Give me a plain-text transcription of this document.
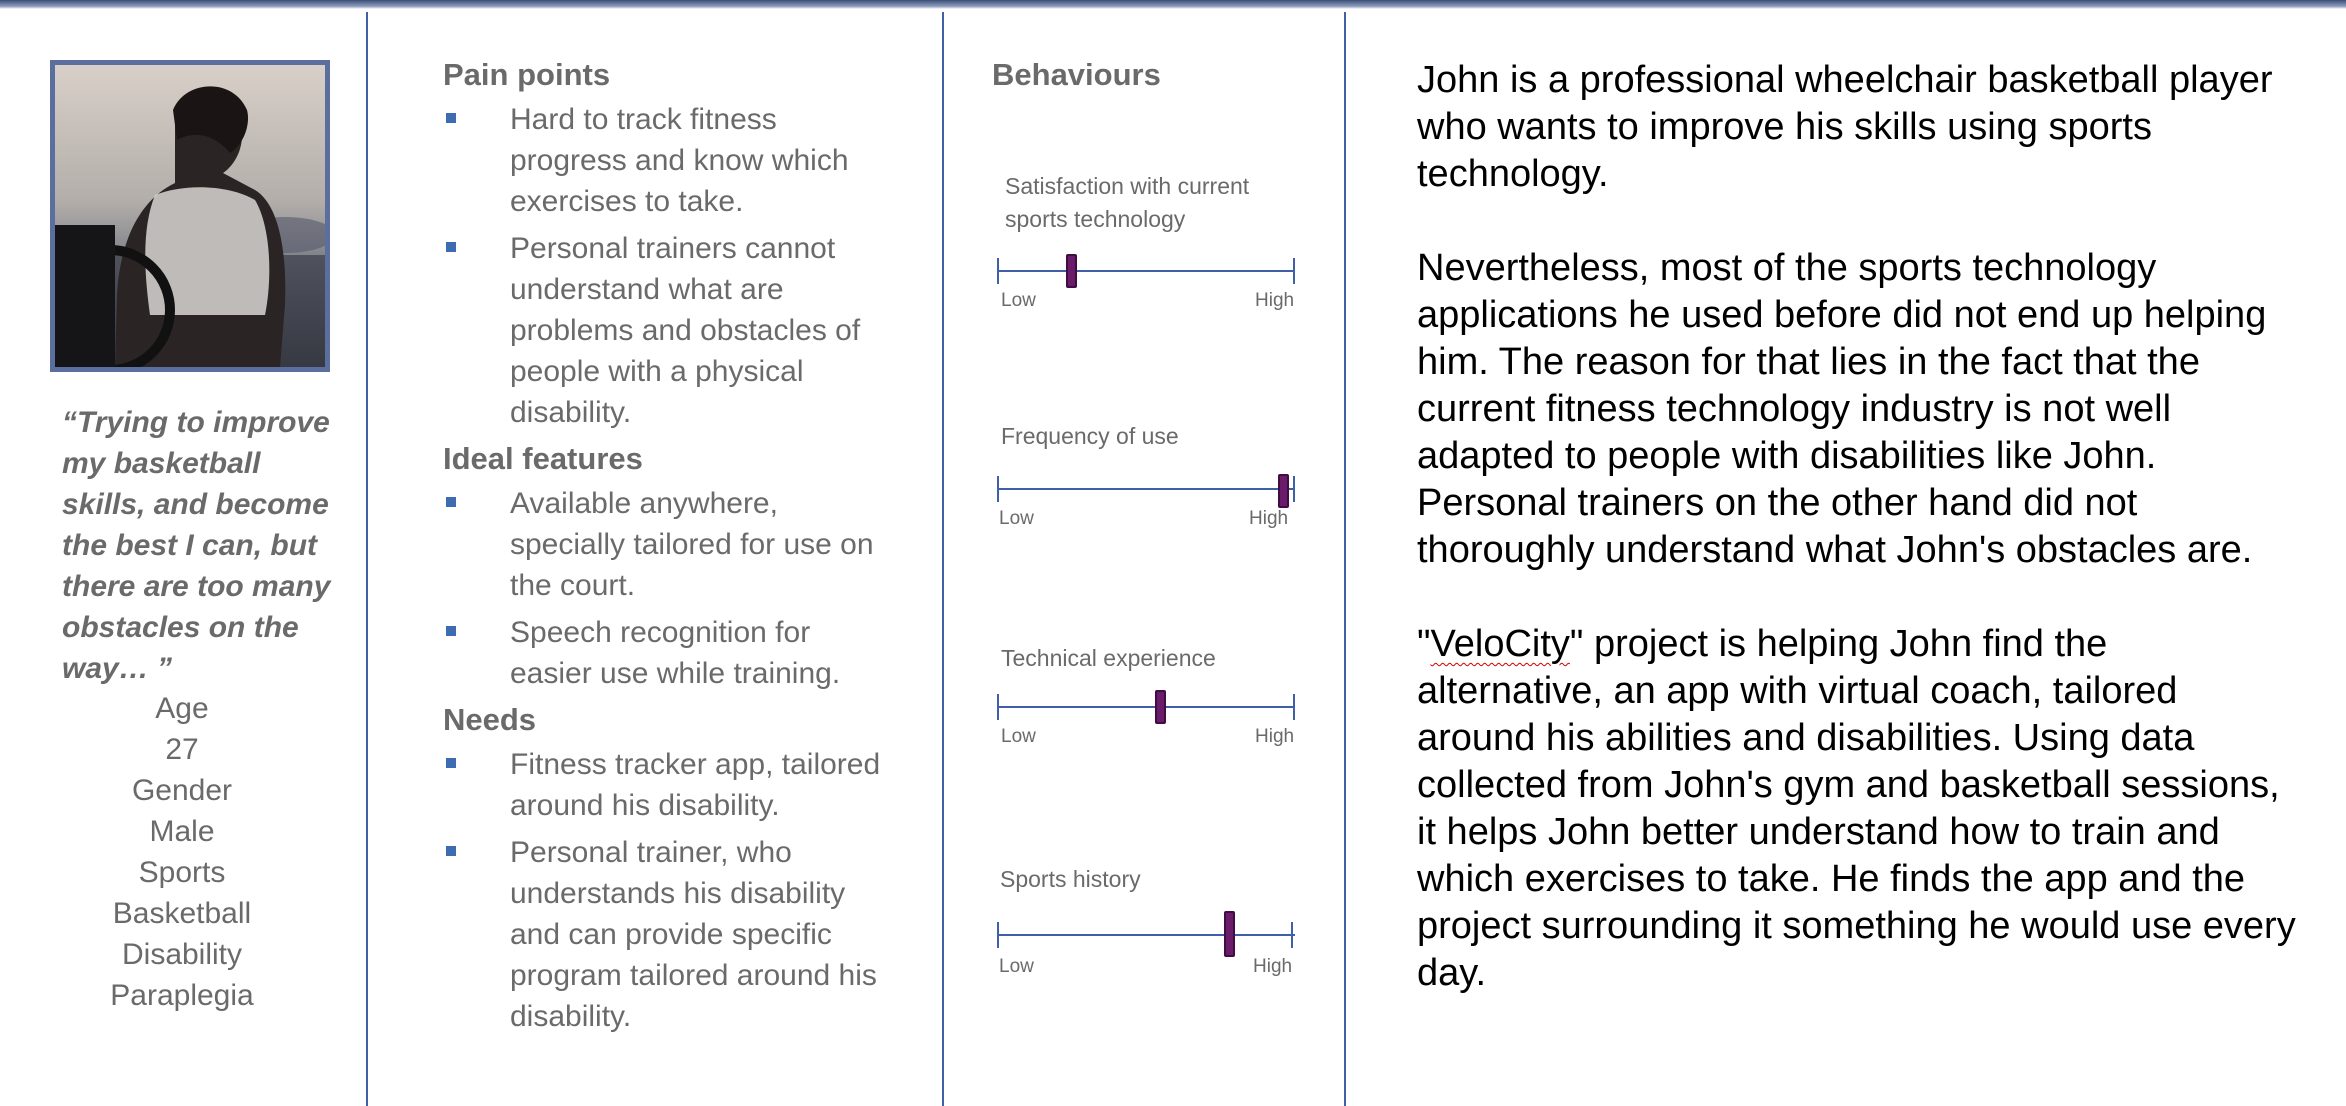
“Trying to improve my basketball skills, and become the best I can, but there are too many obstacles on the way… ”
Age
27
Gender
Male
Sports
Basketball
Disability
Paraplegia
Pain points
Hard to track fitness progress and know which exercises to take.
Personal trainers cannot understand what are problems and obstacles of people with a physical disability.
Ideal features
Available anywhere, specially tailored for use on the court.
Speech recognition for easier use while training.
Needs
Fitness tracker app, tailored around his disability.
Personal trainer, who understands his disability and can provide specific program tailored around his disability.
Behaviours
Satisfaction with current sports technology
Low	High
Frequency of use
Low	High
Technical experience
Low	High
Sports history
Low	High

John is a professional wheelchair basketball player who wants to improve his skills using sports technology.

Nevertheless, most of the sports technology applications he used before did not end up helping him. The reason for that lies in the fact that the current fitness technology industry is not well adapted to people with disabilities like John. Personal trainers on the other hand did not thoroughly understand what John's obstacles are.

"VeloCity" project is helping John find the alternative, an app with virtual coach, tailored around his abilities and disabilities. Using data collected from John's gym and basketball sessions, it helps John better understand how to train and which exercises to take. He finds the app and the project surrounding it something he would use every day.
